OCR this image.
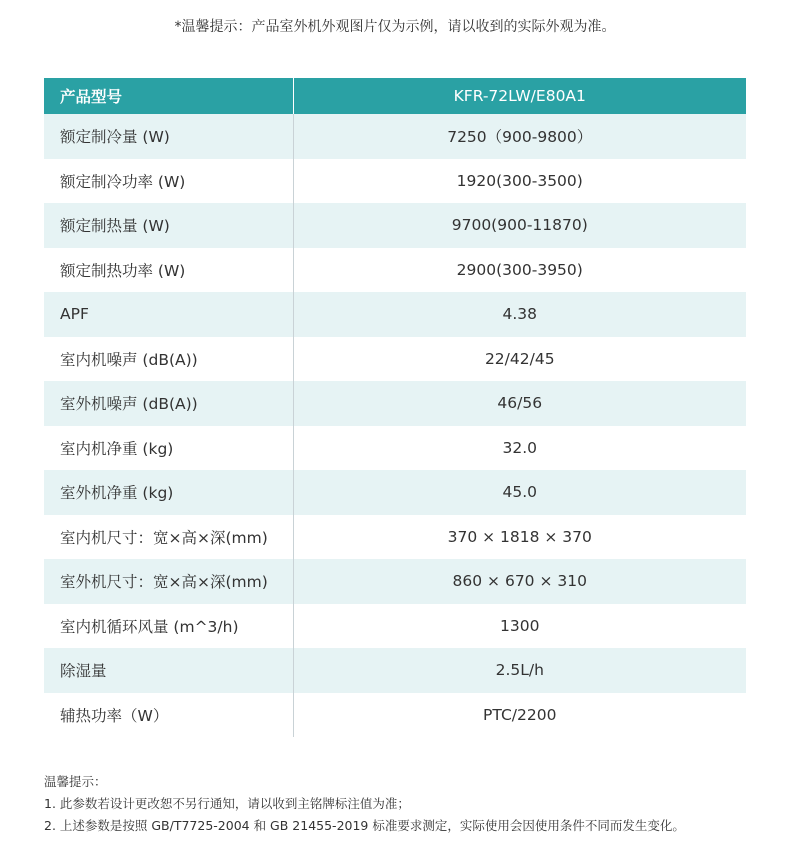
*温馨提示：产品室外机外观图片仅为示例，请以收到的实际外观为准。
产品型号	KFR-72LW/E80A1
额定制冷量 (W)	7250（900-9800）
额定制冷功率 (W)	1920(300-3500)
额定制热量 (W)	9700(900-11870)
额定制热功率 (W)	2900(300-3950)
APF	4.38
室内机噪声 (dB(A))	22/42/45
室外机噪声 (dB(A))	46/56
室内机净重 (kg)	32.0
室外机净重 (kg)	45.0
室内机尺寸：宽×高×深(mm)	370 × 1818 × 370
室外机尺寸：宽×高×深(mm)	860 × 670 × 310
室内机循环风量 (m^3/h)	1300
除湿量	2.5L/h
辅热功率（W）	PTC/2200
温馨提示：
1. 此参数若设计更改恕不另行通知，请以收到主铭牌标注值为准；
2. 上述参数是按照 GB/T7725-2004 和 GB 21455-2019 标准要求测定，实际使用会因使用条件不同而发生变化。
